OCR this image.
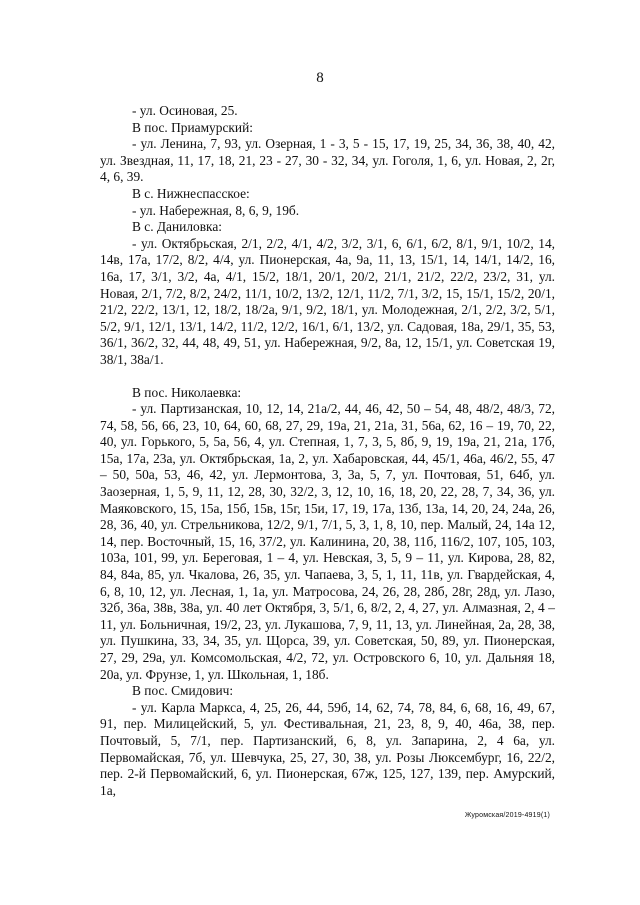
8

- ул. Осиновая, 25.

В пос. Приамурский:

- ул. Ленина, 7, 93, ул. Озерная, 1 - 3, 5 - 15, 17, 19, 25, 34, 36, 38, 40, 42, ул. Звездная, 11, 17, 18, 21, 23 - 27, 30 - 32, 34, ул. Гоголя, 1, 6, ул. Новая, 2, 2г, 4, 6, 39.

В с. Нижнеспасское:

- ул. Набережная, 8, 6, 9, 19б.

В с. Даниловка:

- ул. Октябрьская, 2/1, 2/2, 4/1, 4/2, 3/2, 3/1, 6, 6/1, 6/2, 8/1, 9/1, 10/2, 14, 14в, 17а, 17/2, 8/2, 4/4, ул. Пионерская, 4а, 9а, 11, 13, 15/1, 14, 14/1, 14/2, 16, 16а, 17, 3/1, 3/2, 4а, 4/1, 15/2, 18/1, 20/1, 20/2, 21/1, 21/2, 22/2, 23/2, 31, ул. Новая, 2/1, 7/2, 8/2, 24/2, 11/1, 10/2, 13/2, 12/1, 11/2, 7/1, 3/2, 15, 15/1, 15/2, 20/1, 21/2, 22/2, 13/1, 12, 18/2, 18/2а, 9/1, 9/2, 18/1, ул. Молодежная, 2/1, 2/2, 3/2, 5/1, 5/2, 9/1, 12/1, 13/1, 14/2, 11/2, 12/2, 16/1, 6/1, 13/2, ул. Садовая, 18а, 29/1, 35, 53, 36/1, 36/2, 32, 44, 48, 49, 51, ул. Набережная, 9/2, 8а, 12, 15/1, ул. Советская 19, 38/1, 38а/1.

В пос. Николаевка:

- ул. Партизанская, 10, 12, 14, 21а/2, 44, 46, 42, 50 – 54, 48, 48/2, 48/3, 72, 74, 58, 56, 66, 23, 10, 64, 60, 68, 27, 29, 19а, 21, 21а, 31, 56а, 62, 16 – 19, 70, 22, 40, ул. Горького, 5, 5а, 56, 4, ул. Степная, 1, 7, 3, 5, 8б, 9, 19, 19а, 21, 21а, 17б, 15а, 17а, 23а, ул. Октябрьская, 1а, 2, ул. Хабаровская, 44, 45/1, 46а, 46/2, 55, 47 – 50, 50а, 53, 46, 42, ул. Лермонтова, 3, 3а, 5, 7, ул. Почтовая, 51, 64б, ул. Заозерная, 1, 5, 9, 11, 12, 28, 30, 32/2, 3, 12, 10, 16, 18, 20, 22, 28, 7, 34, 36, ул. Маяковского, 15, 15а, 15б, 15в, 15г, 15и, 17, 19, 17а, 13б, 13а, 14, 20, 24, 24а, 26, 28, 36, 40, ул. Стрельникова, 12/2, 9/1, 7/1, 5, 3, 1, 8, 10, пер. Малый, 24, 14а 12, 14, пер. Восточный, 15, 16, 37/2, ул. Калинина, 20, 38, 11б, 116/2, 107, 105, 103, 103а, 101, 99, ул. Береговая, 1 – 4, ул. Невская, 3, 5, 9 – 11, ул. Кирова, 28, 82, 84, 84а, 85, ул. Чкалова, 26, 35, ул. Чапаева, 3, 5, 1, 11, 11в, ул. Гвардейская, 4, 6, 8, 10, 12, ул. Лесная, 1, 1а, ул. Матросова, 24, 26, 28, 28б, 28г, 28д, ул. Лазо, 32б, 36а, 38в, 38а, ул. 40 лет Октября, 3, 5/1, 6, 8/2, 2, 4, 27, ул. Алмазная, 2, 4 – 11, ул. Больничная, 19/2, 23, ул. Лукашова, 7, 9, 11, 13, ул. Линейная, 2а, 28, 38, ул. Пушкина, 33, 34, 35, ул. Щорса, 39, ул. Советская, 50, 89, ул. Пионерская, 27, 29, 29а, ул. Комсомольская, 4/2, 72, ул. Островского 6, 10, ул. Дальняя 18, 20а, ул. Фрунзе, 1, ул. Школьная, 1, 18б.

В пос. Смидович:

- ул. Карла Маркса, 4, 25, 26, 44, 59б, 14, 62, 74, 78, 84, 6, 68, 16, 49, 67, 91, пер. Милицейский, 5, ул. Фестивальная, 21, 23, 8, 9, 40, 46а, 38, пер. Почтовый, 5, 7/1, пер. Партизанский, 6, 8, ул. Запарина, 2, 4 6а, ул. Первомайская, 7б, ул. Шевчука, 25, 27, 30, 38, ул. Розы Люксембург, 16, 22/2, пер. 2-й Первомайский, 6, ул. Пионерская, 67ж, 125, 127, 139, пер. Амурский, 1а,

Журомская/2019-4919(1)
